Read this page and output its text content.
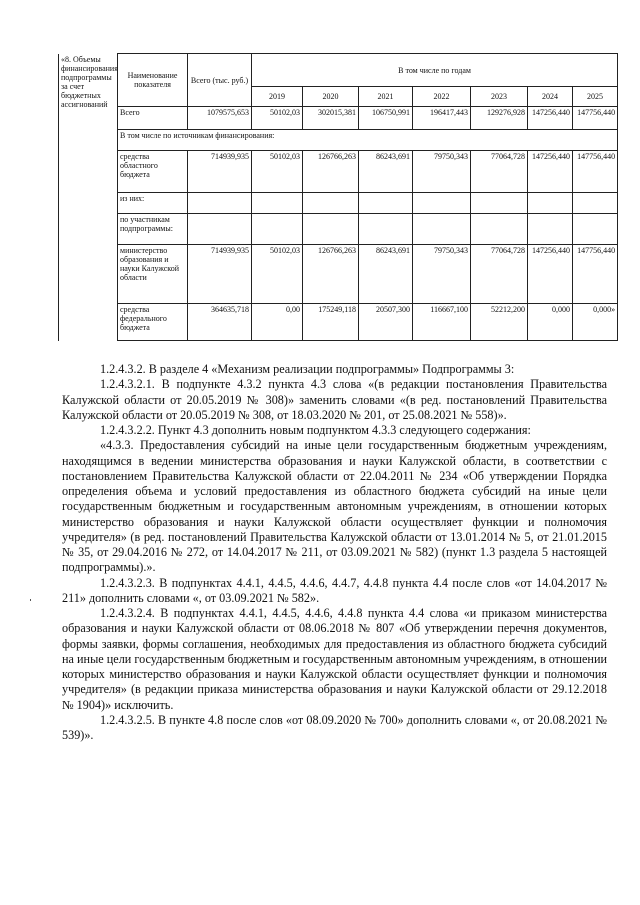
«8. Объемы финансирования подпрограммы за счет бюджетных ассигнований	Наименование показателя	Всего (тыс. руб.)	В том числе по годам						
			2019	2020	2021	2022	2023	2024	2025
	Всего	1079575,653	50102,03	302015,381	106750,991	196417,443	129276,928	147256,440	147756,440
	В том числе по источникам финансирования:								
	средства областного бюджета	714939,935	50102,03	126766,263	86243,691	79750,343	77064,728	147256,440	147756,440
	из них:								
	по участникам подпрограммы:								
	министерство образования и науки Калужской области	714939,935	50102,03	126766,263	86243,691	79750,343	77064,728	147256,440	147756,440
	средства федерального бюджета	364635,718	0,00	175249,118	20507,300	116667,100	52212,200	0,000	0,000»

1.2.4.3.2. В разделе 4 «Механизм реализации подпрограммы» Подпрограммы 3:

1.2.4.3.2.1. В подпункте 4.3.2 пункта 4.3 слова «(в редакции постановления Правительства Калужской области от 20.05.2019 № 308)» заменить словами «(в ред. постановлений Правительства Калужской области от 20.05.2019 № 308, от 18.03.2020 № 201, от 25.08.2021 № 558)».

1.2.4.3.2.2. Пункт 4.3 дополнить новым подпунктом 4.3.3 следующего содержания:

«4.3.3. Предоставления субсидий на иные цели государственным бюджетным учреждениям, находящимся в ведении министерства образования и науки Калужской области, в соответствии с постановлением Правительства Калужской области от 22.04.2011 № 234 «Об утверждении Порядка определения объема и условий предоставления из областного бюджета субсидий на иные цели государственным бюджетным и государственным автономным учреждениям, в отношении которых министерство образования и науки Калужской области осуществляет функции и полномочия учредителя» (в ред. постановлений Правительства Калужской области от 13.01.2014 № 5, от 21.01.2015 № 35, от 29.04.2016 № 272, от 14.04.2017 № 211, от 03.09.2021 № 582) (пункт 1.3 раздела 5 настоящей подпрограммы).».

1.2.4.3.2.3. В подпунктах 4.4.1, 4.4.5, 4.4.6, 4.4.7, 4.4.8 пункта 4.4 после слов «от 14.04.2017 № 211» дополнить словами «, от 03.09.2021 № 582».

1.2.4.3.2.4. В подпунктах 4.4.1, 4.4.5, 4.4.6, 4.4.8 пункта 4.4 слова «и приказом министерства образования и науки Калужской области от 08.06.2018 № 807 «Об утверждении перечня документов, формы заявки, формы соглашения, необходимых для предоставления из областного бюджета субсидий на иные цели государственным бюджетным и государственным автономным учреждениям, в отношении которых министерство образования и науки Калужской области осуществляет функции и полномочия учредителя» (в редакции приказа министерства образования и науки Калужской области от 29.12.2018 № 1904)» исключить.

1.2.4.3.2.5. В пункте 4.8 после слов «от 08.09.2020 № 700» дополнить словами «, от 20.08.2021 № 539)».
